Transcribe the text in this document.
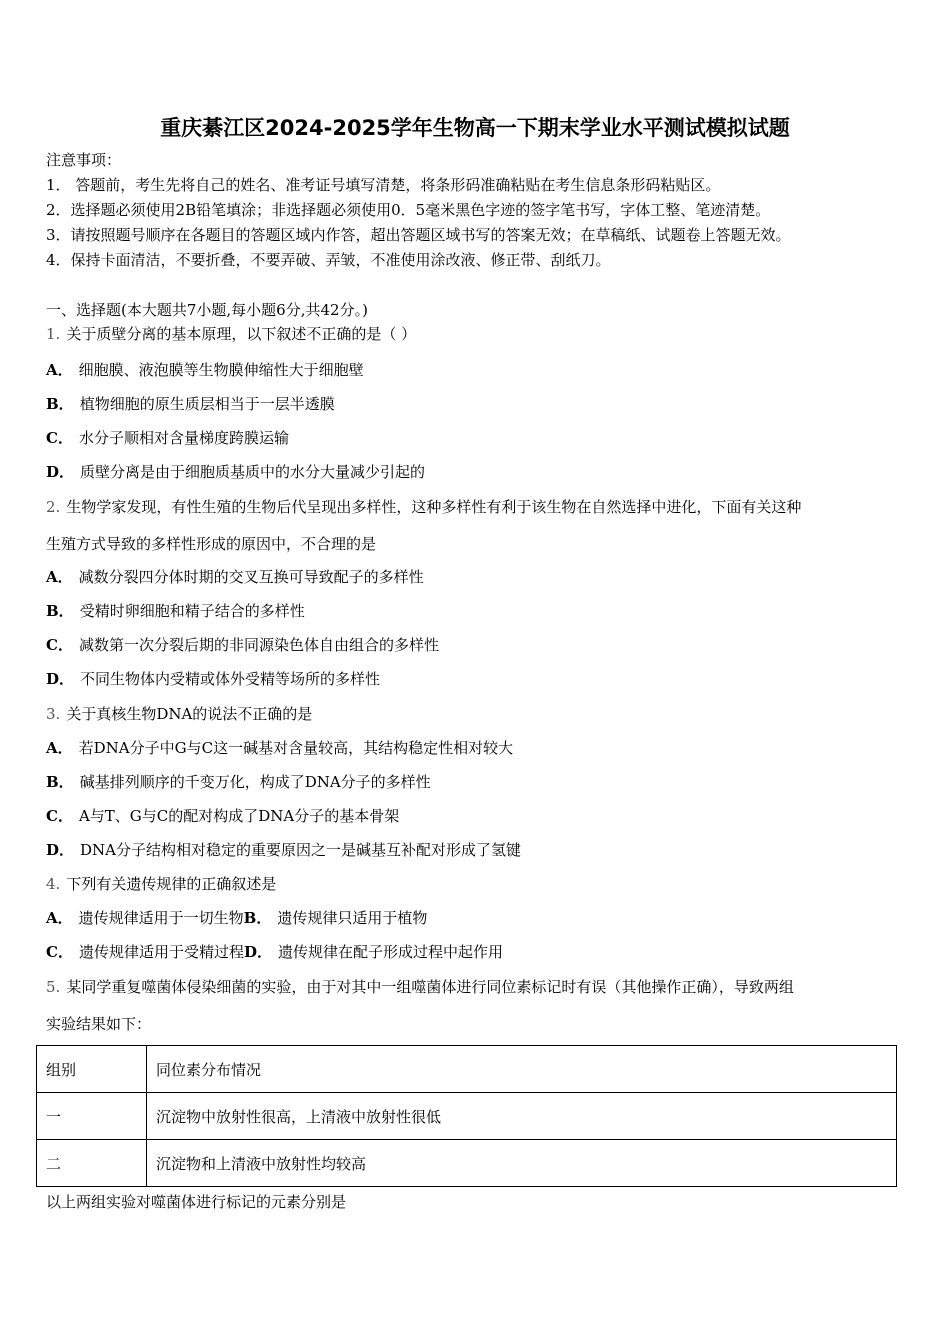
重庆綦江区2024-2025学年生物高一下期末学业水平测试模拟试题
注意事项：
1． 答题前，考生先将自己的姓名、准考证号填写清楚，将条形码准确粘贴在考生信息条形码粘贴区。
2．选择题必须使用2B铅笔填涂；非选择题必须使用0．5毫米黑色字迹的签字笔书写，字体工整、笔迹清楚。
3．请按照题号顺序在各题目的答题区域内作答，超出答题区域书写的答案无效；在草稿纸、试题卷上答题无效。
4．保持卡面清洁，不要折叠，不要弄破、弄皱，不准使用涂改液、修正带、刮纸刀。
一、选择题(本大题共7小题,每小题6分,共42分。)
1. 关于质壁分离的基本原理，以下叙述不正确的是（ ）
A． 细胞膜、液泡膜等生物膜伸缩性大于细胞壁
B． 植物细胞的原生质层相当于一层半透膜
C． 水分子顺相对含量梯度跨膜运输
D． 质壁分离是由于细胞质基质中的水分大量减少引起的
2. 生物学家发现，有性生殖的生物后代呈现出多样性，这种多样性有利于该生物在自然选择中进化，下面有关这种
生殖方式导致的多样性形成的原因中，不合理的是
A． 减数分裂四分体时期的交叉互换可导致配子的多样性
B． 受精时卵细胞和精子结合的多样性
C． 减数第一次分裂后期的非同源染色体自由组合的多样性
D． 不同生物体内受精或体外受精等场所的多样性
3. 关于真核生物DNA的说法不正确的是
A． 若DNA分子中G与C这一碱基对含量较高，其结构稳定性相对较大
B． 碱基排列顺序的千变万化，构成了DNA分子的多样性
C． A与T、G与C的配对构成了DNA分子的基本骨架
D． DNA分子结构相对稳定的重要原因之一是碱基互补配对形成了氢键
4. 下列有关遗传规律的正确叙述是
A． 遗传规律适用于一切生物B． 遗传规律只适用于植物
C． 遗传规律适用于受精过程D． 遗传规律在配子形成过程中起作用
5. 某同学重复噬菌体侵染细菌的实验，由于对其中一组噬菌体进行同位素标记时有误（其他操作正确），导致两组
实验结果如下：
组别	同位素分布情况
一	沉淀物中放射性很高，上清液中放射性很低
二	沉淀物和上清液中放射性均较高
以上两组实验对噬菌体进行标记的元素分别是
